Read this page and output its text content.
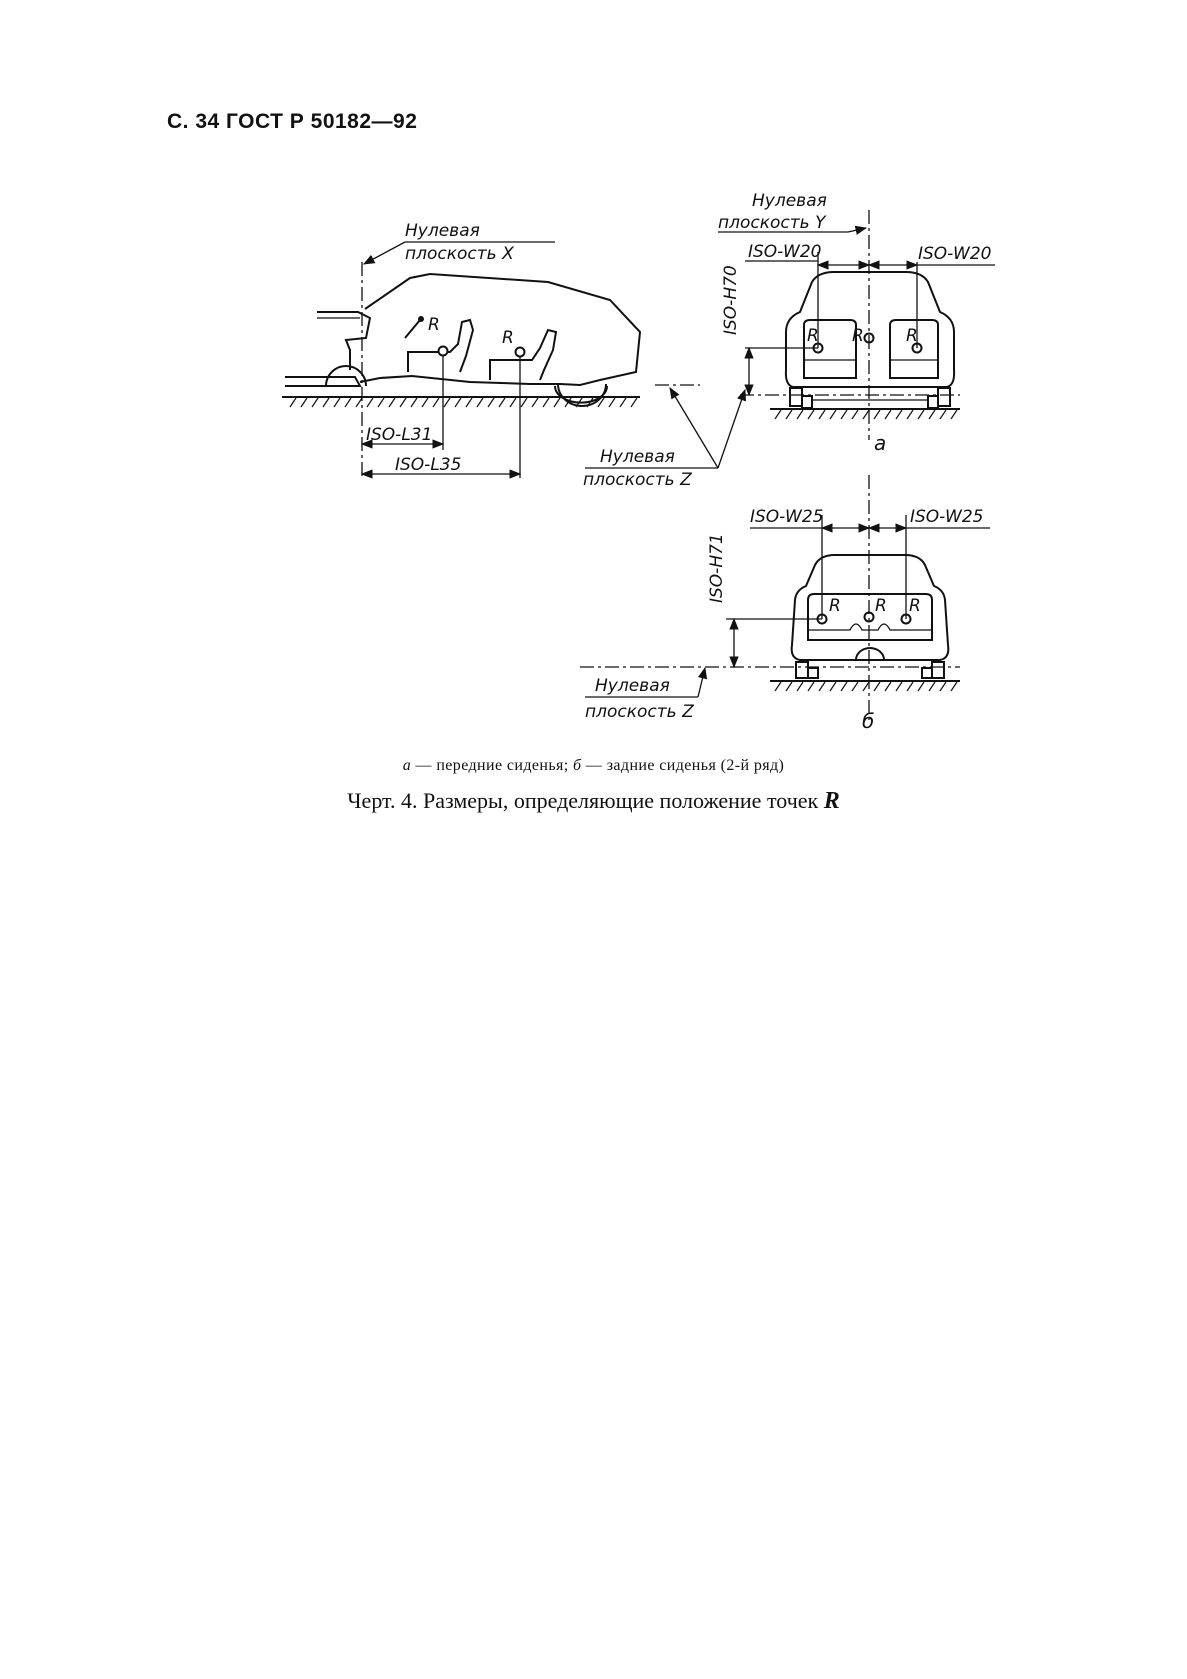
С. 34 ГОСТ Р 50182—92
R
R
Нулевая
плоскость X
ISO-L31
ISO-L35	Нулевая
плоскость Z
R R R
ISO-W20	ISO-W20
Нулевая
плоскость Y
ISO-H70
а
R R R
ISO-W25	ISO-W25
ISO-H71
Нулевая
плоскость Z	б
а — передние сиденья; б — задние сиденья (2-й ряд)
Черт. 4. Размеры, определяющие положение точек R
